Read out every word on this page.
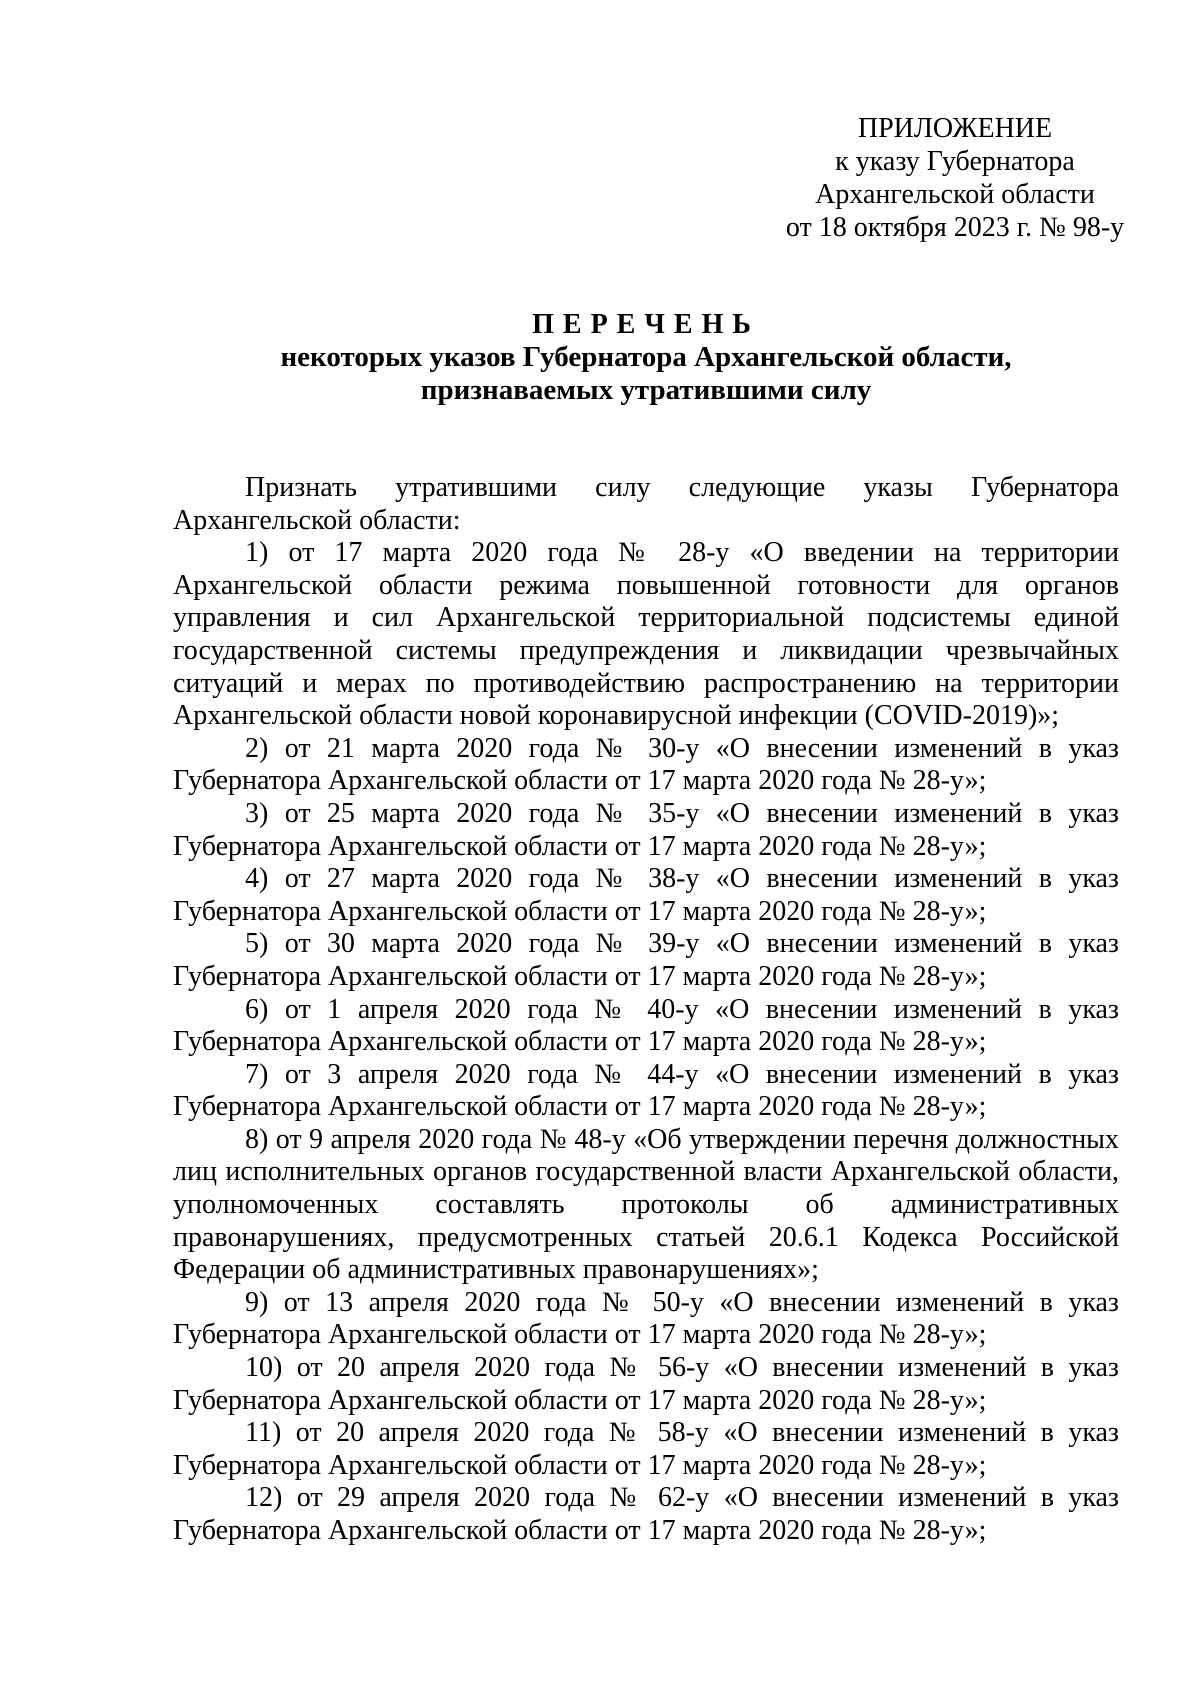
ПРИЛОЖЕНИЕ
к указу Губернатора
Архангельской области
от 18 октября 2023 г. № 98-у
ПЕРЕЧЕНЬ
некоторых указов Губернатора Архангельской области,
признаваемых утратившими силу

Признать утратившими силу следующие указы Губернатора Архангельской области:

1) от 17 марта 2020 года № 28-у «О введении на территории Архангельской области режима повышенной готовности для органов управления и сил Архангельской территориальной подсистемы единой государственной системы предупреждения и ликвидации чрезвычайных ситуаций и мерах по противодействию распространению на территории Архангельской области новой коронавирусной инфекции (COVID-2019)»;

2) от 21 марта 2020 года № 30-у «О внесении изменений в указ Губернатора Архангельской области от 17 марта 2020 года № 28-у»;

3) от 25 марта 2020 года № 35-у «О внесении изменений в указ Губернатора Архангельской области от 17 марта 2020 года № 28-у»;

4) от 27 марта 2020 года № 38-у «О внесении изменений в указ Губернатора Архангельской области от 17 марта 2020 года № 28-у»;

5) от 30 марта 2020 года № 39-у «О внесении изменений в указ Губернатора Архангельской области от 17 марта 2020 года № 28-у»;

6) от 1 апреля 2020 года № 40-у «О внесении изменений в указ Губернатора Архангельской области от 17 марта 2020 года № 28-у»;

7) от 3 апреля 2020 года № 44-у «О внесении изменений в указ Губернатора Архангельской области от 17 марта 2020 года № 28-у»;

8) от 9 апреля 2020 года № 48-у «Об утверждении перечня должностных лиц исполнительных органов государственной власти Архангельской области, уполномоченных составлять протоколы об административных правонарушениях, предусмотренных статьей 20.6.1 Кодекса Российской Федерации об административных правонарушениях»;

9) от 13 апреля 2020 года № 50-у «О внесении изменений в указ Губернатора Архангельской области от 17 марта 2020 года № 28-у»;

10) от 20 апреля 2020 года № 56-у «О внесении изменений в указ Губернатора Архангельской области от 17 марта 2020 года № 28-у»;

11) от 20 апреля 2020 года № 58-у «О внесении изменений в указ Губернатора Архангельской области от 17 марта 2020 года № 28-у»;

12) от 29 апреля 2020 года № 62-у «О внесении изменений в указ Губернатора Архангельской области от 17 марта 2020 года № 28-у»;
